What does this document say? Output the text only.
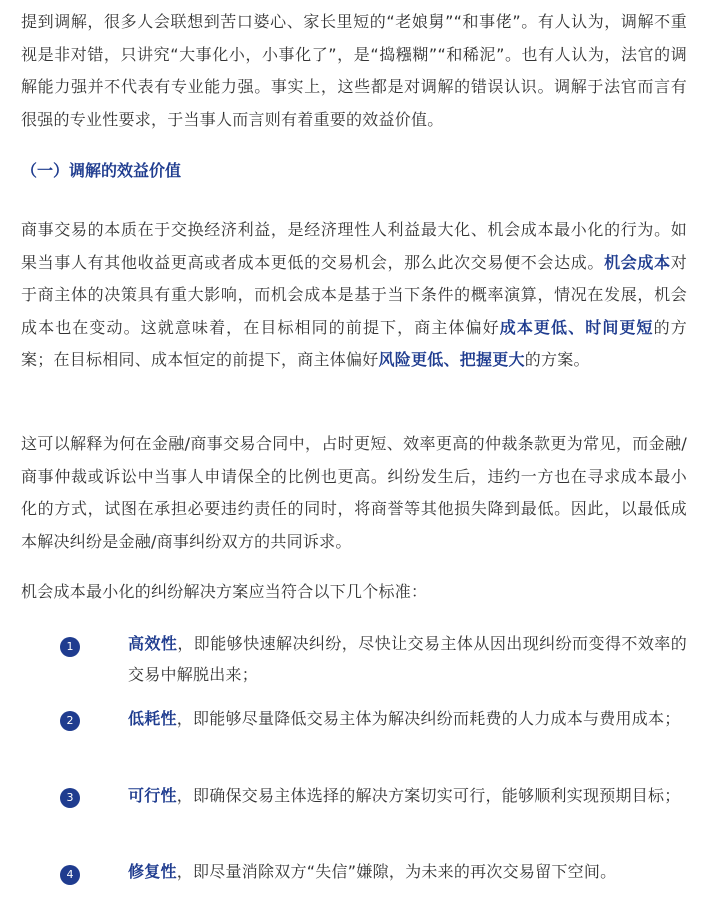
提到调解，很多人会联想到苦口婆心、家长里短的“老娘舅”“和事佬”。有人认为，调解不重视是非对错，只讲究“大事化小，小事化了”，是“捣糨糊”“和稀泥”。也有人认为，法官的调解能力强并不代表有专业能力强。事实上，这些都是对调解的错误认识。调解于法官而言有很强的专业性要求，于当事人而言则有着重要的效益价值。

（一）调解的效益价值

商事交易的本质在于交换经济利益，是经济理性人利益最大化、机会成本最小化的行为。如果当事人有其他收益更高或者成本更低的交易机会，那么此次交易便不会达成。机会成本对于商主体的决策具有重大影响，而机会成本是基于当下条件的概率演算，情况在发展，机会成本也在变动。这就意味着，在目标相同的前提下，商主体偏好成本更低、时间更短的方案；在目标相同、成本恒定的前提下，商主体偏好风险更低、把握更大的方案。

这可以解释为何在金融/商事交易合同中，占时更短、效率更高的仲裁条款更为常见，而金融/商事仲裁或诉讼中当事人申请保全的比例也更高。纠纷发生后，违约一方也在寻求成本最小化的方式，试图在承担必要违约责任的同时，将商誉等其他损失降到最低。因此，以最低成本解决纠纷是金融/商事纠纷双方的共同诉求。

机会成本最小化的纠纷解决方案应当符合以下几个标准：

1	高效性，即能够快速解决纠纷，尽快让交易主体从因出现纠纷而变得不效率的交易中解脱出来；

2	低耗性，即能够尽量降低交易主体为解决纠纷而耗费的人力成本与费用成本；

3	可行性，即确保交易主体选择的解决方案切实可行，能够顺利实现预期目标；

4	修复性，即尽量消除双方“失信”嫌隙，为未来的再次交易留下空间。
